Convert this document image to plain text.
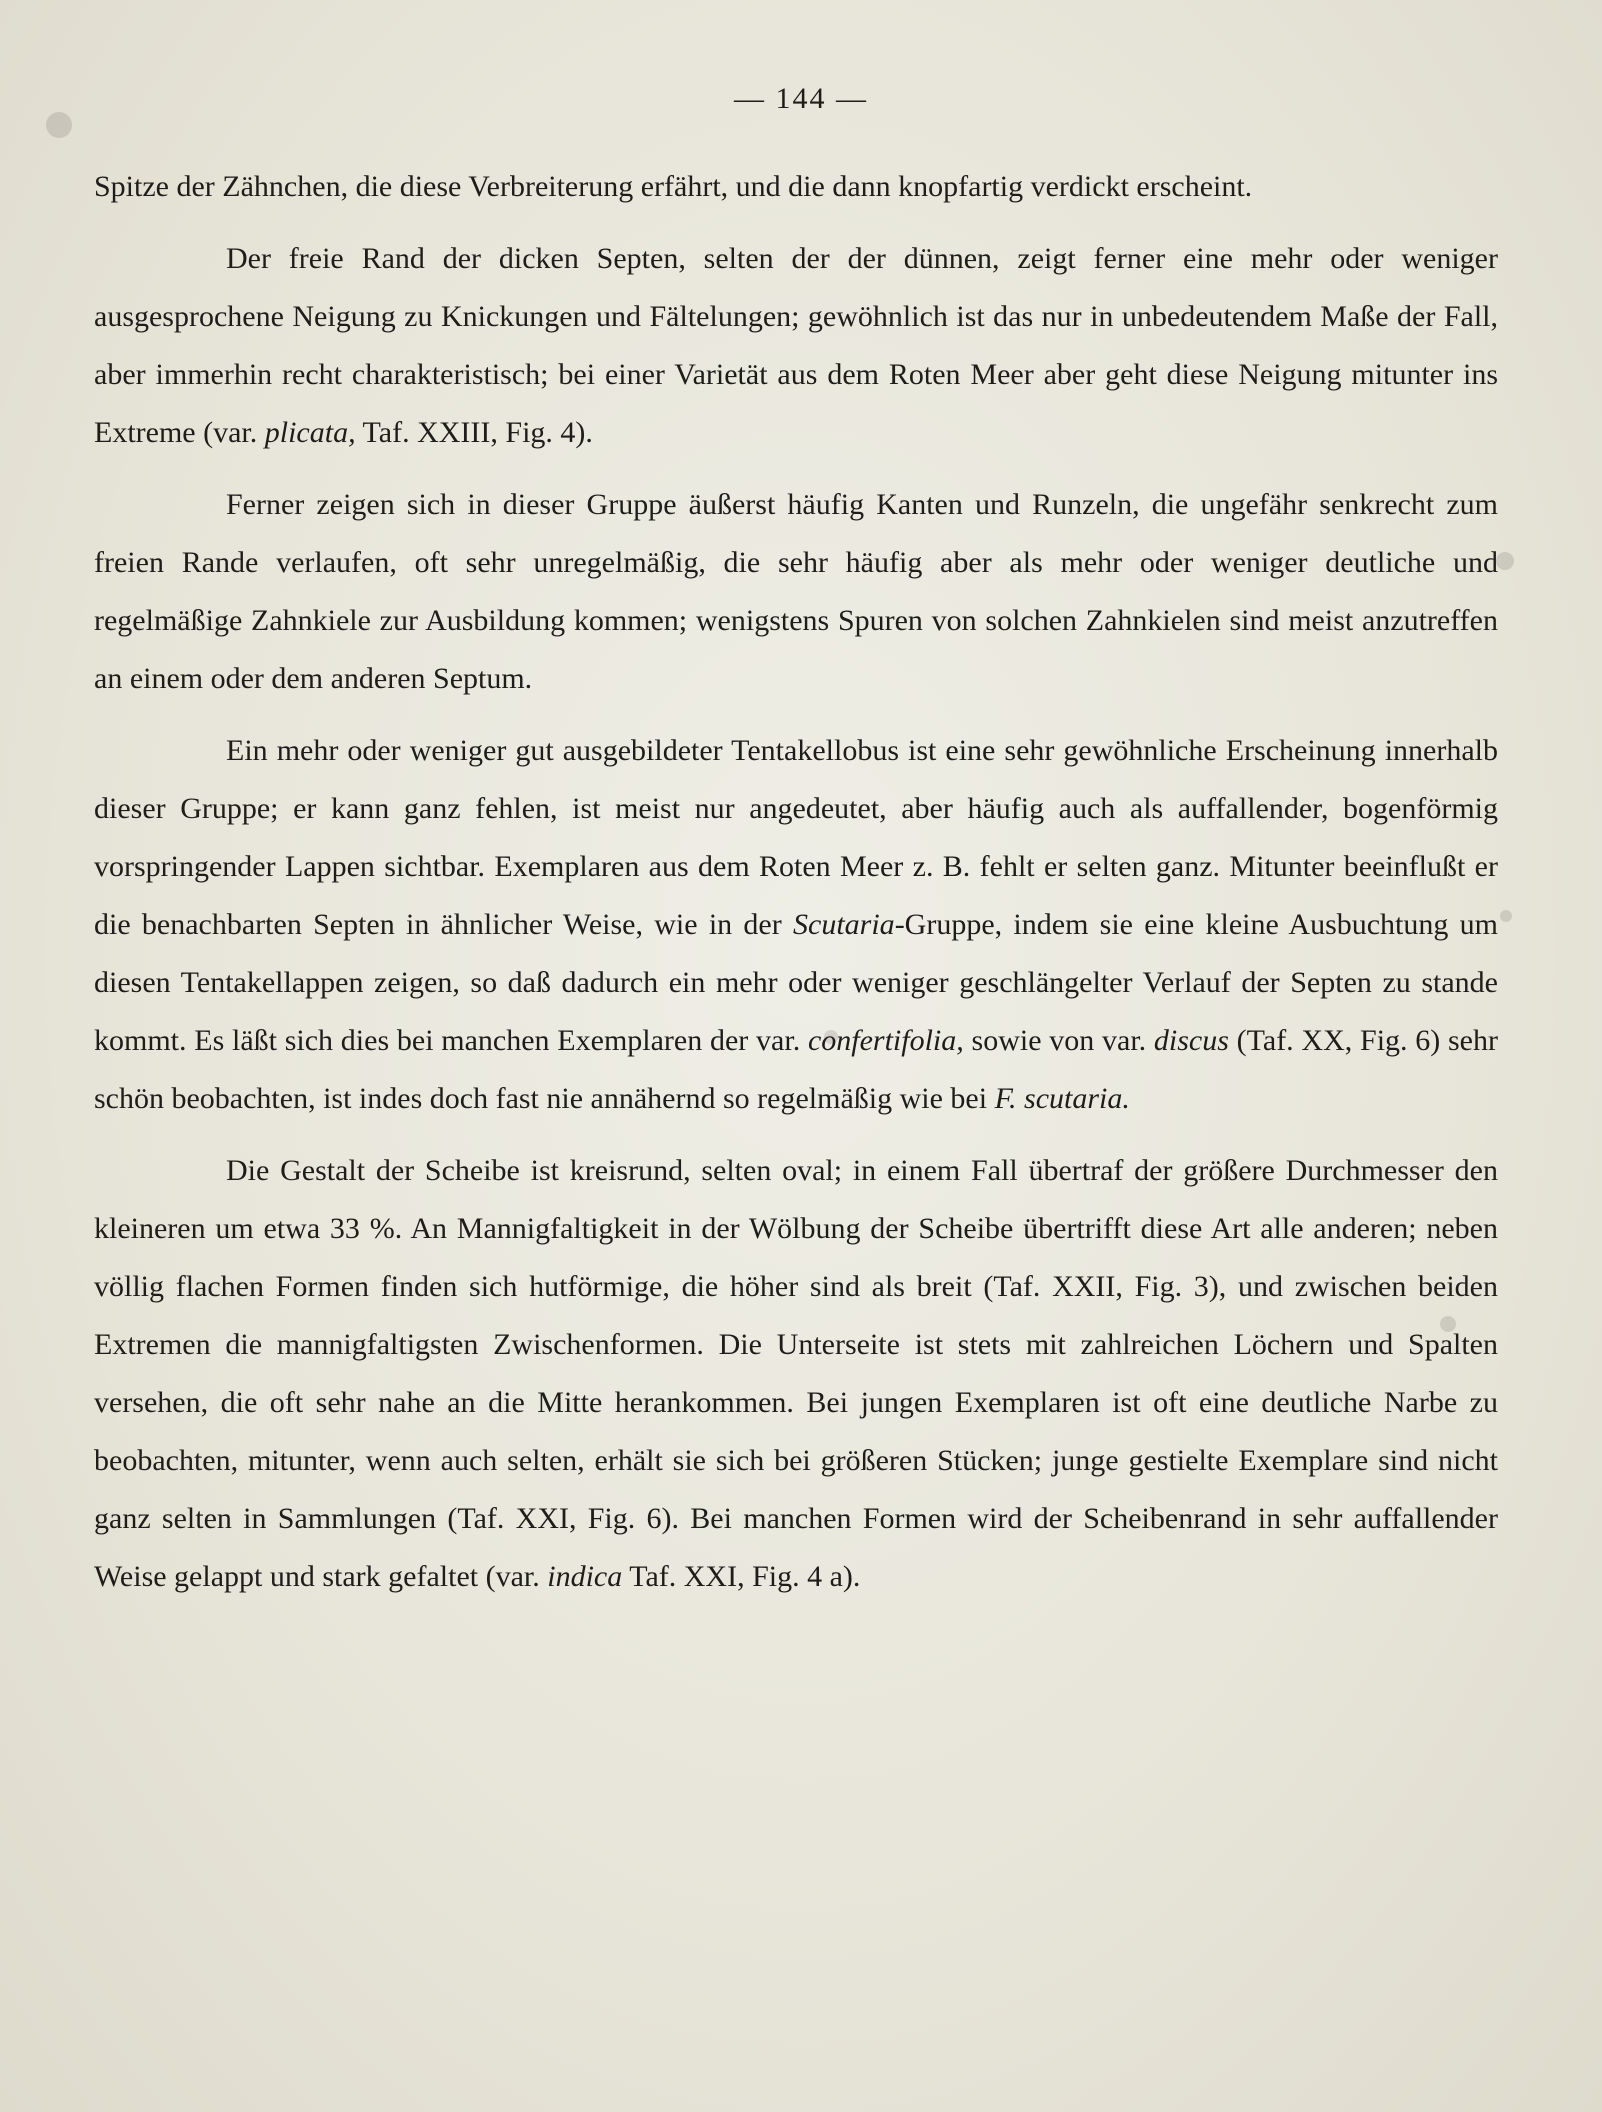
— 144 —

Spitze der Zähnchen, die diese Verbreiterung erfährt, und die dann knopfartig verdickt erscheint.

Der freie Rand der dicken Septen, selten der der dünnen, zeigt ferner eine mehr oder weniger ausgesprochene Neigung zu Knickungen und Fältelungen; gewöhnlich ist das nur in unbedeutendem Maße der Fall, aber immerhin recht charakteristisch; bei einer Varietät aus dem Roten Meer aber geht diese Neigung mitunter ins Extreme (var. plicata, Taf. XXIII, Fig. 4).

Ferner zeigen sich in dieser Gruppe äußerst häufig Kanten und Runzeln, die ungefähr senkrecht zum freien Rande verlaufen, oft sehr unregelmäßig, die sehr häufig aber als mehr oder weniger deutliche und regelmäßige Zahnkiele zur Ausbildung kommen; wenigstens Spuren von solchen Zahnkielen sind meist anzutreffen an einem oder dem anderen Septum.

Ein mehr oder weniger gut ausgebildeter Tentakellobus ist eine sehr gewöhnliche Erscheinung innerhalb dieser Gruppe; er kann ganz fehlen, ist meist nur angedeutet, aber häufig auch als auffallender, bogenförmig vorspringender Lappen sichtbar. Exemplaren aus dem Roten Meer z. B. fehlt er selten ganz. Mitunter beeinflußt er die benachbarten Septen in ähnlicher Weise, wie in der Scutaria-Gruppe, indem sie eine kleine Ausbuchtung um diesen Tentakellappen zeigen, so daß dadurch ein mehr oder weniger geschlängelter Verlauf der Septen zu stande kommt. Es läßt sich dies bei manchen Exemplaren der var. confertifolia, sowie von var. discus (Taf. XX, Fig. 6) sehr schön beobachten, ist indes doch fast nie annähernd so regelmäßig wie bei F. scutaria.

Die Gestalt der Scheibe ist kreisrund, selten oval; in einem Fall übertraf der größere Durchmesser den kleineren um etwa 33 %. An Mannigfaltigkeit in der Wölbung der Scheibe übertrifft diese Art alle anderen; neben völlig flachen Formen finden sich hutförmige, die höher sind als breit (Taf. XXII, Fig. 3), und zwischen beiden Extremen die mannigfaltigsten Zwischenformen. Die Unterseite ist stets mit zahlreichen Löchern und Spalten versehen, die oft sehr nahe an die Mitte herankommen. Bei jungen Exemplaren ist oft eine deutliche Narbe zu beobachten, mitunter, wenn auch selten, erhält sie sich bei größeren Stücken; junge gestielte Exemplare sind nicht ganz selten in Sammlungen (Taf. XXI, Fig. 6). Bei manchen Formen wird der Scheibenrand in sehr auffallender Weise gelappt und stark gefaltet (var. indica Taf. XXI, Fig. 4 a).
